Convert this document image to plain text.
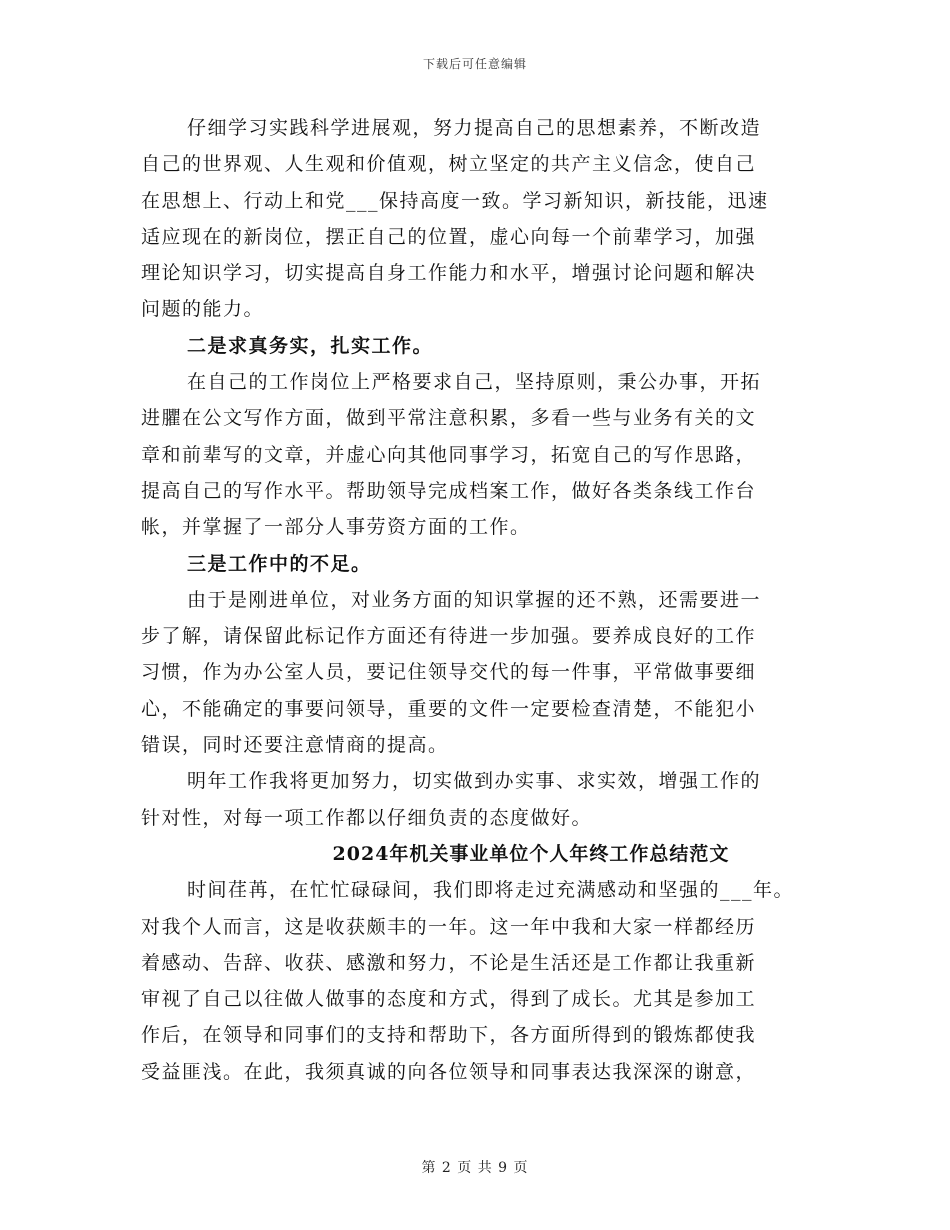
下载后可任意编辑
仔细学习实践科学进展观，努力提高自己的思想素养，不断改造
自己的世界观、人生观和价值观，树立坚定的共产主义信念，使自己
在思想上、行动上和党___保持高度一致。学习新知识，新技能，迅速
适应现在的新岗位，摆正自己的位置，虚心向每一个前辈学习，加强
理论知识学习，切实提高自身工作能力和水平，增强讨论问题和解决
问题的能力。
二是求真务实，扎实工作。
在自己的工作岗位上严格要求自己，坚持原则，秉公办事，开拓
进臞在公文写作方面，做到平常注意积累，多看一些与业务有关的文
章和前辈写的文章，并虚心向其他同事学习，拓宽自己的写作思路，
提高自己的写作水平。帮助领导完成档案工作，做好各类条线工作台
帐，并掌握了一部分人事劳资方面的工作。
三是工作中的不足。
由于是刚进单位，对业务方面的知识掌握的还不熟，还需要进一
步了解，请保留此标记作方面还有待进一步加强。要养成良好的工作
习惯，作为办公室人员，要记住领导交代的每一件事，平常做事要细
心，不能确定的事要问领导，重要的文件一定要检查清楚，不能犯小
错误，同时还要注意情商的提高。
明年工作我将更加努力，切实做到办实事、求实效，增强工作的
针对性，对每一项工作都以仔细负责的态度做好。
2024年机关事业单位个人年终工作总结范文
时间荏苒，在忙忙碌碌间，我们即将走过充满感动和坚强的___年。
对我个人而言，这是收获颇丰的一年。这一年中我和大家一样都经历
着感动、告辞、收获、感激和努力，不论是生活还是工作都让我重新
审视了自己以往做人做事的态度和方式，得到了成长。尤其是参加工
作后，在领导和同事们的支持和帮助下，各方面所得到的锻炼都使我
受益匪浅。在此，我须真诚的向各位领导和同事表达我深深的谢意，
第 2 页 共 9 页
